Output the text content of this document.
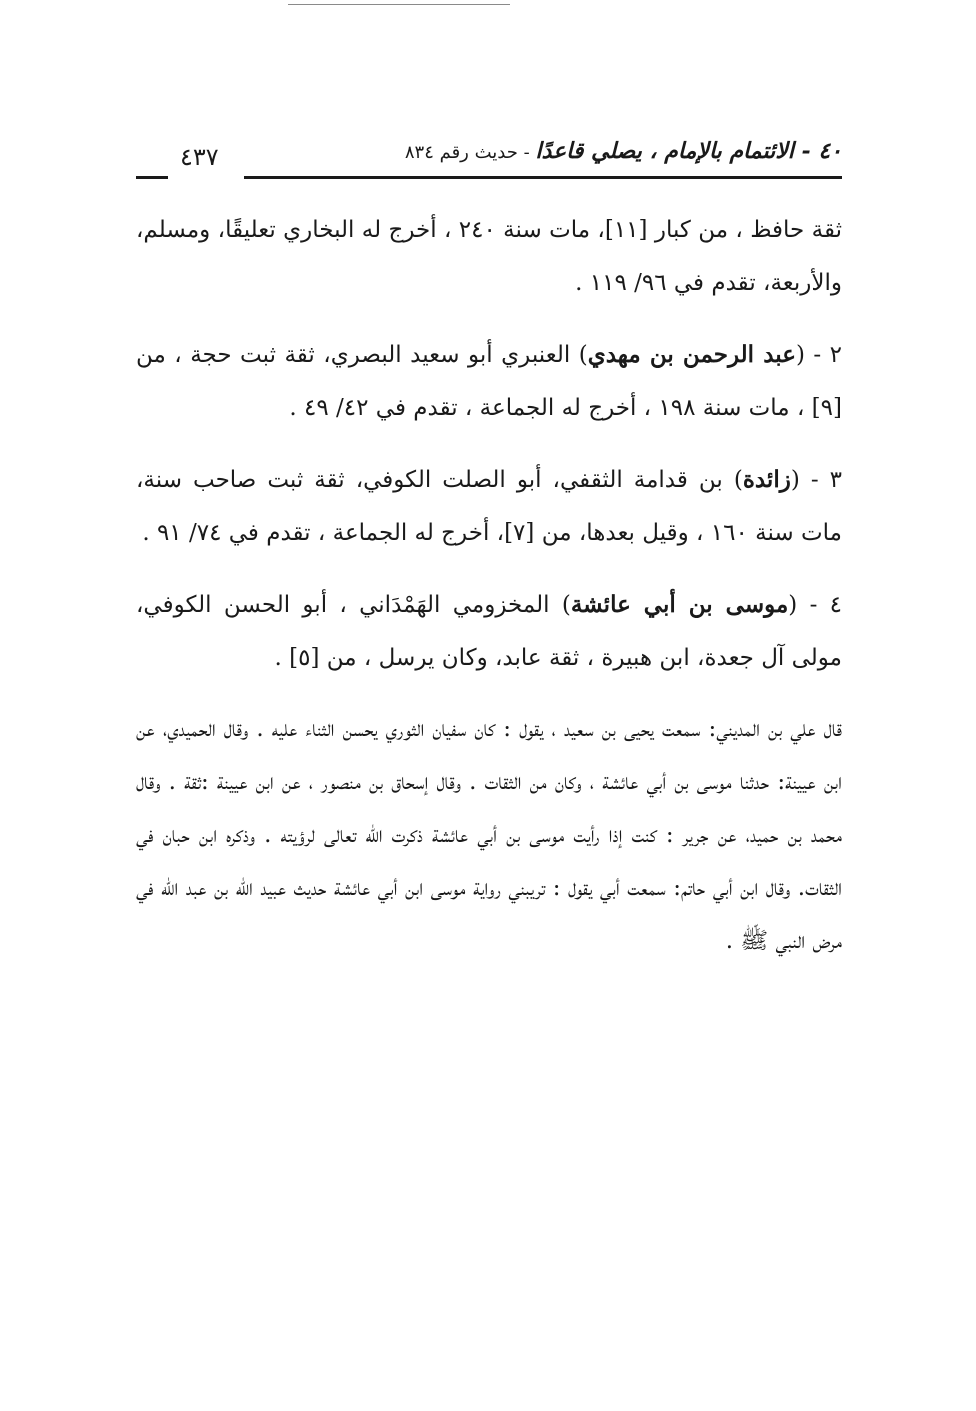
٤٠ - الائتمام بالإمام ، يصلي قاعدًا - حديث رقم ٨٣٤
٤٣٧

ثقة حافظ ، من كبار [١١]، مات سنة ٢٤٠ ، أخرج له البخاري تعليقًا، ومسلم، والأربعة، تقدم في ٩٦/ ١١٩ .

٢ - (عبد الرحمن بن مهدي) العنبري أبو سعيد البصري، ثقة ثبت حجة ، من [٩] ، مات سنة ١٩٨ ، أخرج له الجماعة ، تقدم في ٤٢/ ٤٩ .

٣ - (زائدة) بن قدامة الثقفي، أبو الصلت الكوفي، ثقة ثبت صاحب سنة، مات سنة ١٦٠ ، وقيل بعدها، من [٧]، أخرج له الجماعة ، تقدم في ٧٤/ ٩١ .

٤ - (موسى بن أبي عائشة) المخزومي الهَمْدَاني ، أبو الحسن الكوفي، مولى آل جعدة، ابن هبيرة ، ثقة عابد، وكان يرسل ، من [٥] .

قال علي بن المديني: سمعت يحيى بن سعيد ، يقول : كان سفيان الثوري يحسن الثناء عليه . وقال الحميدي، عن ابن عيينة: حدثنا موسى بن أبي عائشة ، وكان من الثقات . وقال إسحاق بن منصور ، عن ابن عيينة :ثقة . وقال محمد بن حميد، عن جرير : كنت إذا رأيت موسى بن أبي عائشة ذكرت الله تعالى لرؤيته . وذكره ابن حبان في الثقات. وقال ابن أبي حاتم: سمعت أبي يقول : تريبني رواية موسى ابن أبي عائشة حديث عبيد الله بن عبد الله في مرض النبي ﷺ .
